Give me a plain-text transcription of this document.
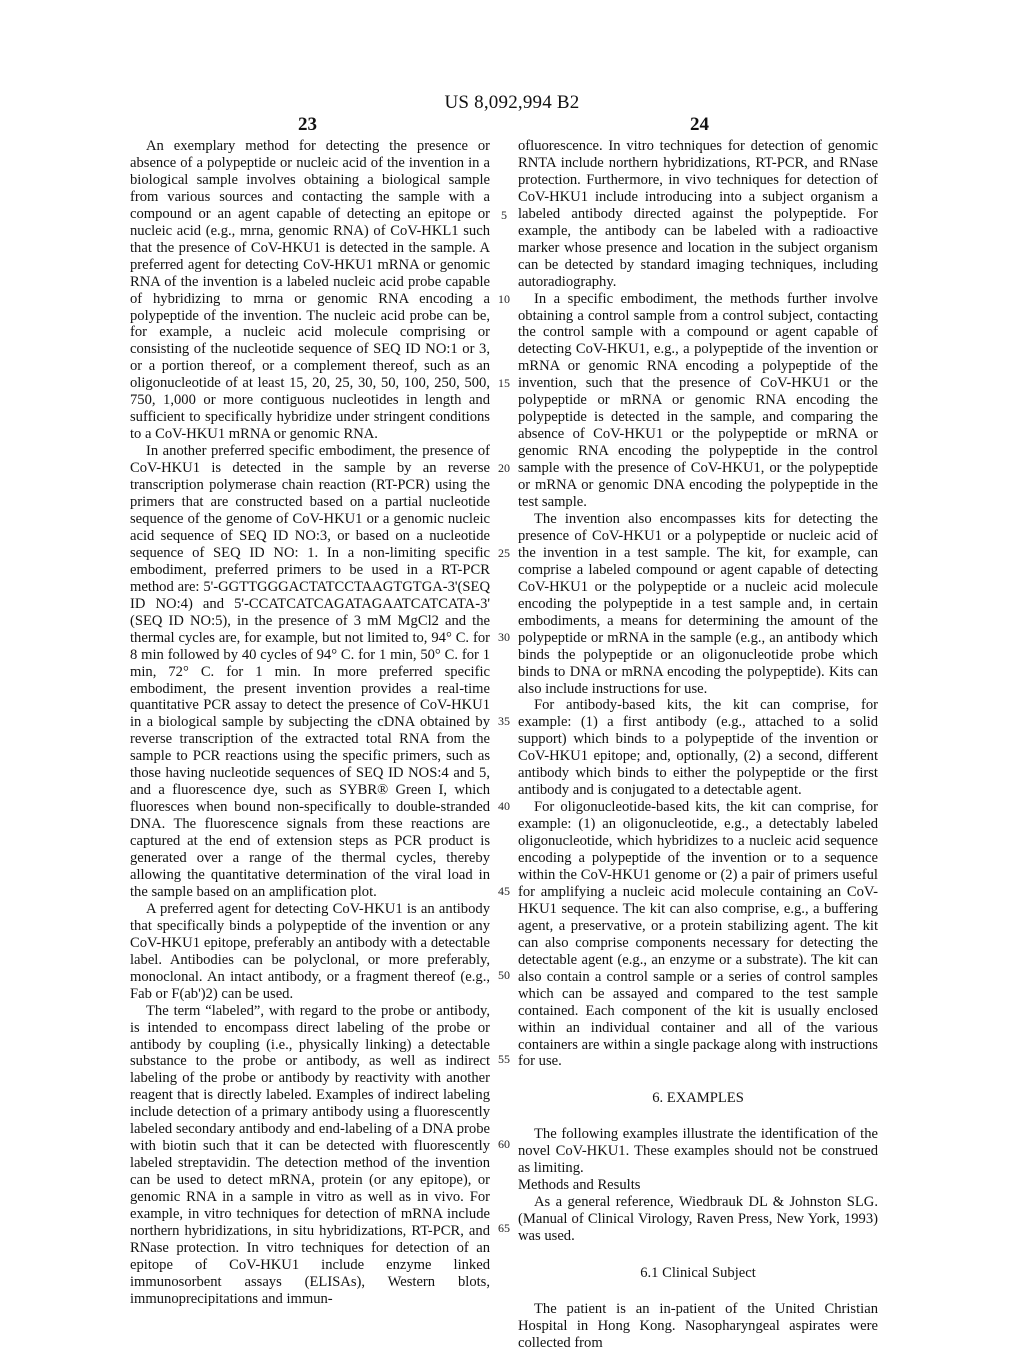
US 8,092,994 B2
23	24

An exemplary method for detecting the presence or absence of a polypeptide or nucleic acid of the invention in a biological sample involves obtaining a biological sample from various sources and contacting the sample with a compound or an agent capable of detecting an epitope or nucleic acid (e.g., mrna, genomic RNA) of CoV-HKL1 such that the presence of CoV-HKU1 is detected in the sample. A preferred agent for detecting CoV-HKU1 mRNA or genomic RNA of the invention is a labeled nucleic acid probe capable of hybridizing to mrna or genomic RNA encoding a polypeptide of the invention. The nucleic acid probe can be, for example, a nucleic acid molecule comprising or consisting of the nucleotide sequence of SEQ ID NO:1 or 3, or a portion thereof, or a complement thereof, such as an oligonucleotide of at least 15, 20, 25, 30, 50, 100, 250, 500, 750, 1,000 or more contiguous nucleotides in length and sufficient to specifically hybridize under stringent conditions to a CoV-HKU1 mRNA or genomic RNA.

In another preferred specific embodiment, the presence of CoV-HKU1 is detected in the sample by an reverse transcription polymerase chain reaction (RT-PCR) using the primers that are constructed based on a partial nucleotide sequence of the genome of CoV-HKU1 or a genomic nucleic acid sequence of SEQ ID NO:3, or based on a nucleotide sequence of SEQ ID NO: 1. In a non-limiting specific embodiment, preferred primers to be used in a RT-PCR method are: 5'-GGTTGGGACTATCCTAAGTGTGA-3'(SEQ ID NO:4) and 5'-CCATCATCAGATAGAATCATCATA-3' (SEQ ID NO:5), in the presence of 3 mM MgCl2 and the thermal cycles are, for example, but not limited to, 94° C. for 8 min followed by 40 cycles of 94° C. for 1 min, 50° C. for 1 min, 72° C. for 1 min. In more preferred specific embodiment, the present invention provides a real-time quantitative PCR assay to detect the presence of CoV-HKU1 in a biological sample by subjecting the cDNA obtained by reverse transcription of the extracted total RNA from the sample to PCR reactions using the specific primers, such as those having nucleotide sequences of SEQ ID NOS:4 and 5, and a fluorescence dye, such as SYBR® Green I, which fluoresces when bound non-specifically to double-stranded DNA. The fluorescence signals from these reactions are captured at the end of extension steps as PCR product is generated over a range of the thermal cycles, thereby allowing the quantitative determination of the viral load in the sample based on an amplification plot.

A preferred agent for detecting CoV-HKU1 is an antibody that specifically binds a polypeptide of the invention or any CoV-HKU1 epitope, preferably an antibody with a detectable label. Antibodies can be polyclonal, or more preferably, monoclonal. An intact antibody, or a fragment thereof (e.g., Fab or F(ab')2) can be used.

The term “labeled”, with regard to the probe or antibody, is intended to encompass direct labeling of the probe or antibody by coupling (i.e., physically linking) a detectable substance to the probe or antibody, as well as indirect labeling of the probe or antibody by reactivity with another reagent that is directly labeled. Examples of indirect labeling include detection of a primary antibody using a fluorescently labeled secondary antibody and end-labeling of a DNA probe with biotin such that it can be detected with fluorescently labeled streptavidin. The detection method of the invention can be used to detect mRNA, protein (or any epitope), or genomic RNA in a sample in vitro as well as in vivo. For example, in vitro techniques for detection of mRNA include northern hybridizations, in situ hybridizations, RT-PCR, and RNase protection. In vitro techniques for detection of an epitope of CoV-HKU1 include enzyme linked immunosorbent assays (ELISAs), Western blots, immunoprecipitations and immun-

5
10
15
20
25
30
35
40
45
50
55
60
65

ofluorescence. In vitro techniques for detection of genomic RNTA include northern hybridizations, RT-PCR, and RNase protection. Furthermore, in vivo techniques for detection of CoV-HKU1 include introducing into a subject organism a labeled antibody directed against the polypeptide. For example, the antibody can be labeled with a radioactive marker whose presence and location in the subject organism can be detected by standard imaging techniques, including autoradiography.

In a specific embodiment, the methods further involve obtaining a control sample from a control subject, contacting the control sample with a compound or agent capable of detecting CoV-HKU1, e.g., a polypeptide of the invention or mRNA or genomic RNA encoding a polypeptide of the invention, such that the presence of CoV-HKU1 or the polypeptide or mRNA or genomic RNA encoding the polypeptide is detected in the sample, and comparing the absence of CoV-HKU1 or the polypeptide or mRNA or genomic RNA encoding the polypeptide in the control sample with the presence of CoV-HKU1, or the polypeptide or mRNA or genomic DNA encoding the polypeptide in the test sample.

The invention also encompasses kits for detecting the presence of CoV-HKU1 or a polypeptide or nucleic acid of the invention in a test sample. The kit, for example, can comprise a labeled compound or agent capable of detecting CoV-HKU1 or the polypeptide or a nucleic acid molecule encoding the polypeptide in a test sample and, in certain embodiments, a means for determining the amount of the polypeptide or mRNA in the sample (e.g., an antibody which binds the polypeptide or an oligonucleotide probe which binds to DNA or mRNA encoding the polypeptide). Kits can also include instructions for use.

For antibody-based kits, the kit can comprise, for example: (1) a first antibody (e.g., attached to a solid support) which binds to a polypeptide of the invention or CoV-HKU1 epitope; and, optionally, (2) a second, different antibody which binds to either the polypeptide or the first antibody and is conjugated to a detectable agent.

For oligonucleotide-based kits, the kit can comprise, for example: (1) an oligonucleotide, e.g., a detectably labeled oligonucleotide, which hybridizes to a nucleic acid sequence encoding a polypeptide of the invention or to a sequence within the CoV-HKU1 genome or (2) a pair of primers useful for amplifying a nucleic acid molecule containing an CoV-HKU1 sequence. The kit can also comprise, e.g., a buffering agent, a preservative, or a protein stabilizing agent. The kit can also comprise components necessary for detecting the detectable agent (e.g., an enzyme or a substrate). The kit can also contain a control sample or a series of control samples which can be assayed and compared to the test sample contained. Each component of the kit is usually enclosed within an individual container and all of the various containers are within a single package along with instructions for use.

6. EXAMPLES

The following examples illustrate the identification of the novel CoV-HKU1. These examples should not be construed as limiting.

Methods and Results

As a general reference, Wiedbrauk DL & Johnston SLG. (Manual of Clinical Virology, Raven Press, New York, 1993) was used.

6.1 Clinical Subject

The patient is an in-patient of the United Christian Hospital in Hong Kong. Nasopharyngeal aspirates were collected from
